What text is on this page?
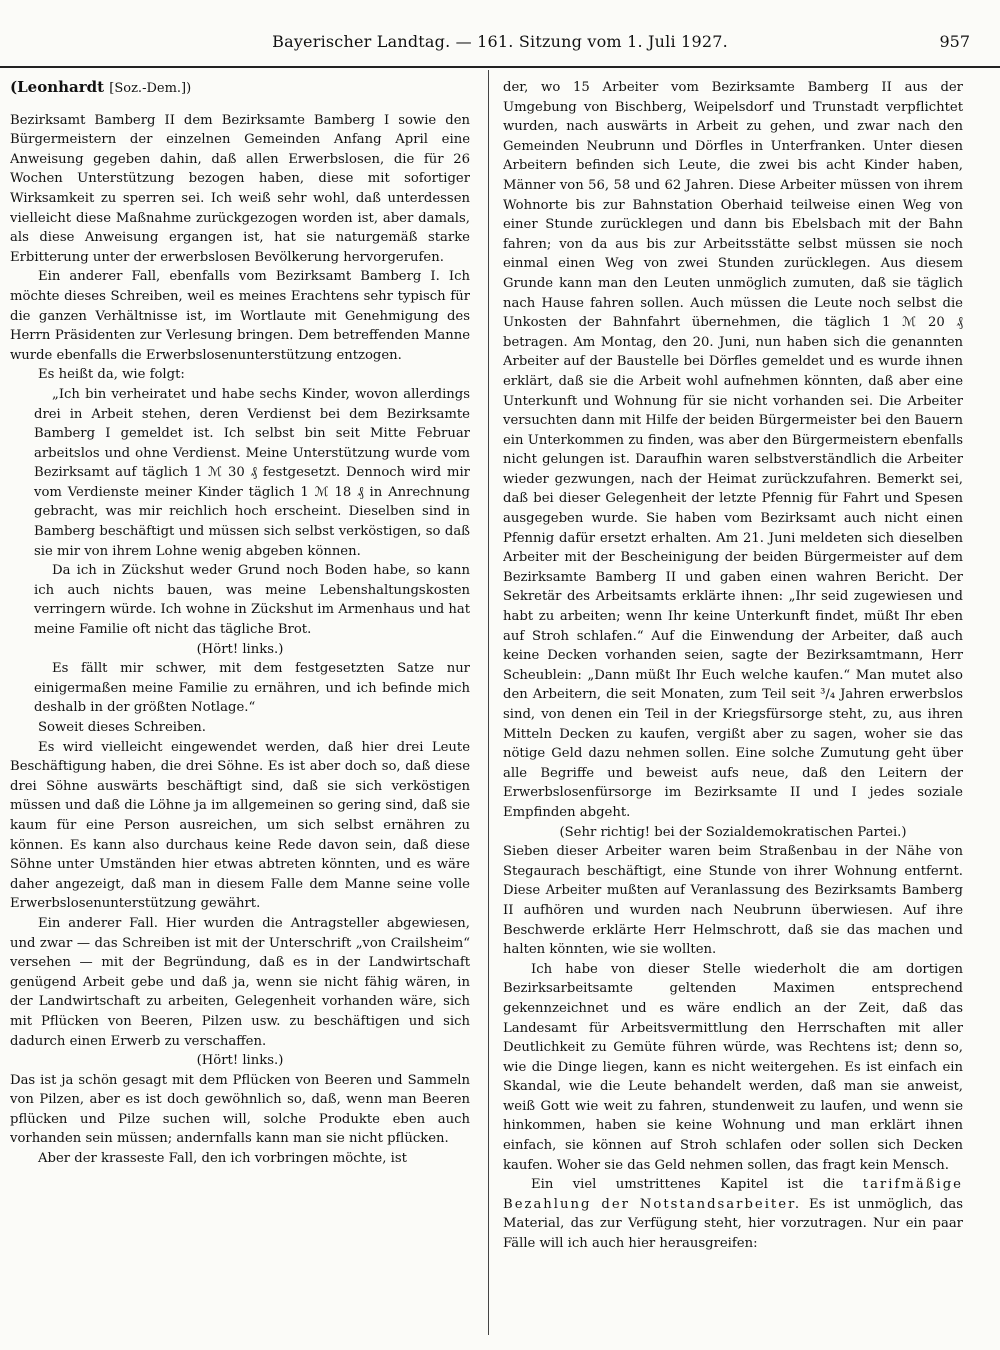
Bayerischer Landtag. — 161. Sitzung vom 1. Juli 1927.	957
(Leonhardt [Soz.-Dem.])

Bezirksamt Bamberg II dem Bezirksamte Bamberg I sowie den Bürgermeistern der einzelnen Gemeinden Anfang April eine Anweisung gegeben dahin, daß allen Erwerbslosen, die für 26 Wochen Unterstützung bezogen haben, diese mit sofortiger Wirksamkeit zu sperren sei. Ich weiß sehr wohl, daß unterdessen vielleicht diese Maßnahme zurückgezogen worden ist, aber damals, als diese Anweisung ergangen ist, hat sie naturgemäß starke Erbitterung unter der erwerbslosen Bevölkerung hervorgerufen.

Ein anderer Fall, ebenfalls vom Bezirksamt Bamberg I. Ich möchte dieses Schreiben, weil es meines Erachtens sehr typisch für die ganzen Verhältnisse ist, im Wortlaute mit Genehmigung des Herrn Präsidenten zur Verlesung bringen. Dem betreffenden Manne wurde ebenfalls die Erwerbslosenunterstützung entzogen.

Es heißt da, wie folgt:

„Ich bin verheiratet und habe sechs Kinder, wovon allerdings drei in Arbeit stehen, deren Verdienst bei dem Bezirksamte Bamberg I gemeldet ist. Ich selbst bin seit Mitte Februar arbeitslos und ohne Verdienst. Meine Unterstützung wurde vom Bezirksamt auf täglich 1 ℳ 30 ₰ festgesetzt. Dennoch wird mir vom Verdienste meiner Kinder täglich 1 ℳ 18 ₰ in Anrechnung gebracht, was mir reichlich hoch erscheint. Dieselben sind in Bamberg beschäftigt und müssen sich selbst verköstigen, so daß sie mir von ihrem Lohne wenig abgeben können.

Da ich in Zückshut weder Grund noch Boden habe, so kann ich auch nichts bauen, was meine Lebenshaltungskosten verringern würde. Ich wohne in Zückshut im Armenhaus und hat meine Familie oft nicht das tägliche Brot.

(Hört! links.)

Es fällt mir schwer, mit dem festgesetzten Satze nur einigermaßen meine Familie zu ernähren, und ich befinde mich deshalb in der größten Notlage.“

Soweit dieses Schreiben.

Es wird vielleicht eingewendet werden, daß hier drei Leute Beschäftigung haben, die drei Söhne. Es ist aber doch so, daß diese drei Söhne auswärts beschäftigt sind, daß sie sich verköstigen müssen und daß die Löhne ja im allgemeinen so gering sind, daß sie kaum für eine Person ausreichen, um sich selbst ernähren zu können. Es kann also durchaus keine Rede davon sein, daß diese Söhne unter Umständen hier etwas abtreten könnten, und es wäre daher angezeigt, daß man in diesem Falle dem Manne seine volle Erwerbslosenunterstützung gewährt.

Ein anderer Fall. Hier wurden die Antragsteller abgewiesen, und zwar — das Schreiben ist mit der Unterschrift „von Crailsheim“ versehen — mit der Begründung, daß es in der Landwirtschaft genügend Arbeit gebe und daß ja, wenn sie nicht fähig wären, in der Landwirtschaft zu arbeiten, Gelegenheit vorhanden wäre, sich mit Pflücken von Beeren, Pilzen usw. zu beschäftigen und sich dadurch einen Erwerb zu verschaffen.

(Hört! links.)

Das ist ja schön gesagt mit dem Pflücken von Beeren und Sammeln von Pilzen, aber es ist doch gewöhnlich so, daß, wenn man Beeren pflücken und Pilze suchen will, solche Produkte eben auch vorhanden sein müssen; andernfalls kann man sie nicht pflücken.

Aber der krasseste Fall, den ich vorbringen möchte, ist

der, wo 15 Arbeiter vom Bezirksamte Bamberg II aus der Umgebung von Bischberg, Weipelsdorf und Trunstadt verpflichtet wurden, nach auswärts in Arbeit zu gehen, und zwar nach den Gemeinden Neubrunn und Dörfles in Unterfranken. Unter diesen Arbeitern befinden sich Leute, die zwei bis acht Kinder haben, Männer von 56, 58 und 62 Jahren. Diese Arbeiter müssen von ihrem Wohnorte bis zur Bahnstation Oberhaid teilweise einen Weg von einer Stunde zurücklegen und dann bis Ebelsbach mit der Bahn fahren; von da aus bis zur Arbeitsstätte selbst müssen sie noch einmal einen Weg von zwei Stunden zurücklegen. Aus diesem Grunde kann man den Leuten unmöglich zumuten, daß sie täglich nach Hause fahren sollen. Auch müssen die Leute noch selbst die Unkosten der Bahnfahrt übernehmen, die täglich 1 ℳ 20 ₰ betragen. Am Montag, den 20. Juni, nun haben sich die genannten Arbeiter auf der Baustelle bei Dörfles gemeldet und es wurde ihnen erklärt, daß sie die Arbeit wohl aufnehmen könnten, daß aber eine Unterkunft und Wohnung für sie nicht vorhanden sei. Die Arbeiter versuchten dann mit Hilfe der beiden Bürgermeister bei den Bauern ein Unterkommen zu finden, was aber den Bürgermeistern ebenfalls nicht gelungen ist. Daraufhin waren selbstverständlich die Arbeiter wieder gezwungen, nach der Heimat zurückzufahren. Bemerkt sei, daß bei dieser Gelegenheit der letzte Pfennig für Fahrt und Spesen ausgegeben wurde. Sie haben vom Bezirksamt auch nicht einen Pfennig dafür ersetzt erhalten. Am 21. Juni meldeten sich dieselben Arbeiter mit der Bescheinigung der beiden Bürgermeister auf dem Bezirksamte Bamberg II und gaben einen wahren Bericht. Der Sekretär des Arbeitsamts erklärte ihnen: „Ihr seid zugewiesen und habt zu arbeiten; wenn Ihr keine Unterkunft findet, müßt Ihr eben auf Stroh schlafen.“ Auf die Einwendung der Arbeiter, daß auch keine Decken vorhanden seien, sagte der Bezirksamtmann, Herr Scheublein: „Dann müßt Ihr Euch welche kaufen.“ Man mutet also den Arbeitern, die seit Monaten, zum Teil seit ³/₄ Jahren erwerbslos sind, von denen ein Teil in der Kriegsfürsorge steht, zu, aus ihren Mitteln Decken zu kaufen, vergißt aber zu sagen, woher sie das nötige Geld dazu nehmen sollen. Eine solche Zumutung geht über alle Begriffe und beweist aufs neue, daß den Leitern der Erwerbslosenfürsorge im Bezirksamte II und I jedes soziale Empfinden abgeht.

(Sehr richtig! bei der Sozialdemokratischen Partei.)

Sieben dieser Arbeiter waren beim Straßenbau in der Nähe von Stegaurach beschäftigt, eine Stunde von ihrer Wohnung entfernt. Diese Arbeiter mußten auf Veranlassung des Bezirksamts Bamberg II aufhören und wurden nach Neubrunn überwiesen. Auf ihre Beschwerde erklärte Herr Helmschrott, daß sie das machen und halten könnten, wie sie wollten.

Ich habe von dieser Stelle wiederholt die am dortigen Bezirksarbeitsamte geltenden Maximen entsprechend gekennzeichnet und es wäre endlich an der Zeit, daß das Landesamt für Arbeitsvermittlung den Herrschaften mit aller Deutlichkeit zu Gemüte führen würde, was Rechtens ist; denn so, wie die Dinge liegen, kann es nicht weitergehen. Es ist einfach ein Skandal, wie die Leute behandelt werden, daß man sie anweist, weiß Gott wie weit zu fahren, stundenweit zu laufen, und wenn sie hinkommen, haben sie keine Wohnung und man erklärt ihnen einfach, sie können auf Stroh schlafen oder sollen sich Decken kaufen. Woher sie das Geld nehmen sollen, das fragt kein Mensch.

Ein viel umstrittenes Kapitel ist die tarifmäßige Bezahlung der Notstandsarbeiter. Es ist unmöglich, das Material, das zur Verfügung steht, hier vorzutragen. Nur ein paar Fälle will ich auch hier herausgreifen:
